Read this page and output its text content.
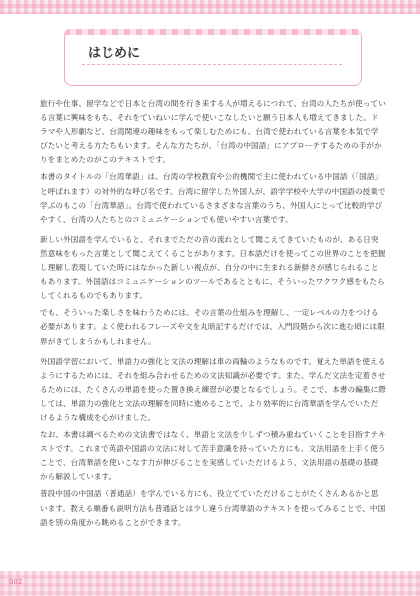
はじめに

旅行や仕事、留学などで日本と台湾の間を行き来する人が増えるにつれて、台湾の人たちが使っている言葉に興味をもち、それをていねいに学んで使いこなしたいと願う日本人も増えてきました。ドラマや人形劇など、台湾関連の趣味をもって楽しむためにも、台湾で使われている言葉を本気で学びたいと考える方たちもいます。そんな方たちが、「台湾の中国語」にアプローチするための手がかりをまとめたのがこのテキストです。

本書のタイトルの「台湾華語」は、台湾の学校教育や公的機関で主に使われている中国語（「国語」と呼ばれます）の対外的な呼び名です。台湾に留学した外国人が、語学学校や大学の中国語の授業で学ぶのもこの「台湾華語」。台湾で使われているさまざまな言葉のうち、外国人にとって比較的学びやすく、台湾の人たちとのコミュニケーションでも使いやすい言葉です。

新しい外国語を学んでいると、それまでただの音の流れとして聞こえてきていたものが、ある日突然意味をもった言葉として聞こえてくることがあります。日本語だけを使ってこの世界のことを把握し理解し表現していた時にはなかった新しい視点が、自分の中に生まれる新鮮さが感じられることもあります。外国語はコミュニケーションのツールであるとともに、そういったワクワク感をもたらしてくれるものでもあります。

でも、そういった楽しさを味わうためには、その言葉の仕組みを理解し、一定レベルの力をつける必要があります。よく使われるフレーズや文を丸暗記するだけでは、入門段階から次に進む頃には限界がきてしまうかもしれません。

外国語学習において、単語力の強化と文法の理解は車の両輪のようなものです。覚えた単語を使えるようにするためには、それを組み合わせるための文法知識が必要です。また、学んだ文法を定着させるためには、たくさんの単語を使った置き換え練習が必要となるでしょう。そこで、本書の編集に際しては、単語力の強化と文法の理解を同時に進めることで、より効率的に台湾華語を学んでいただけるような構成を心がけました。

なお、本書は調べるための文法書ではなく、単語と文法を少しずつ積み重ねていくことを目指すテキストです。これまで英語や国語の文法に対して苦手意識を持っていた方にも、文法用語を上手く使うことで、台湾華語を使いこなす力が伸びることを実感していただけるよう、文法用語の基礎の基礎から解説しています。

普段中国の中国語（普通話）を学んでいる方にも、役立てていただけることがたくさんあるかと思います。教える順番も説明方法も普通話とは少し違う台湾華語のテキストを使ってみることで、中国語を別の角度から眺めることができます。

002
